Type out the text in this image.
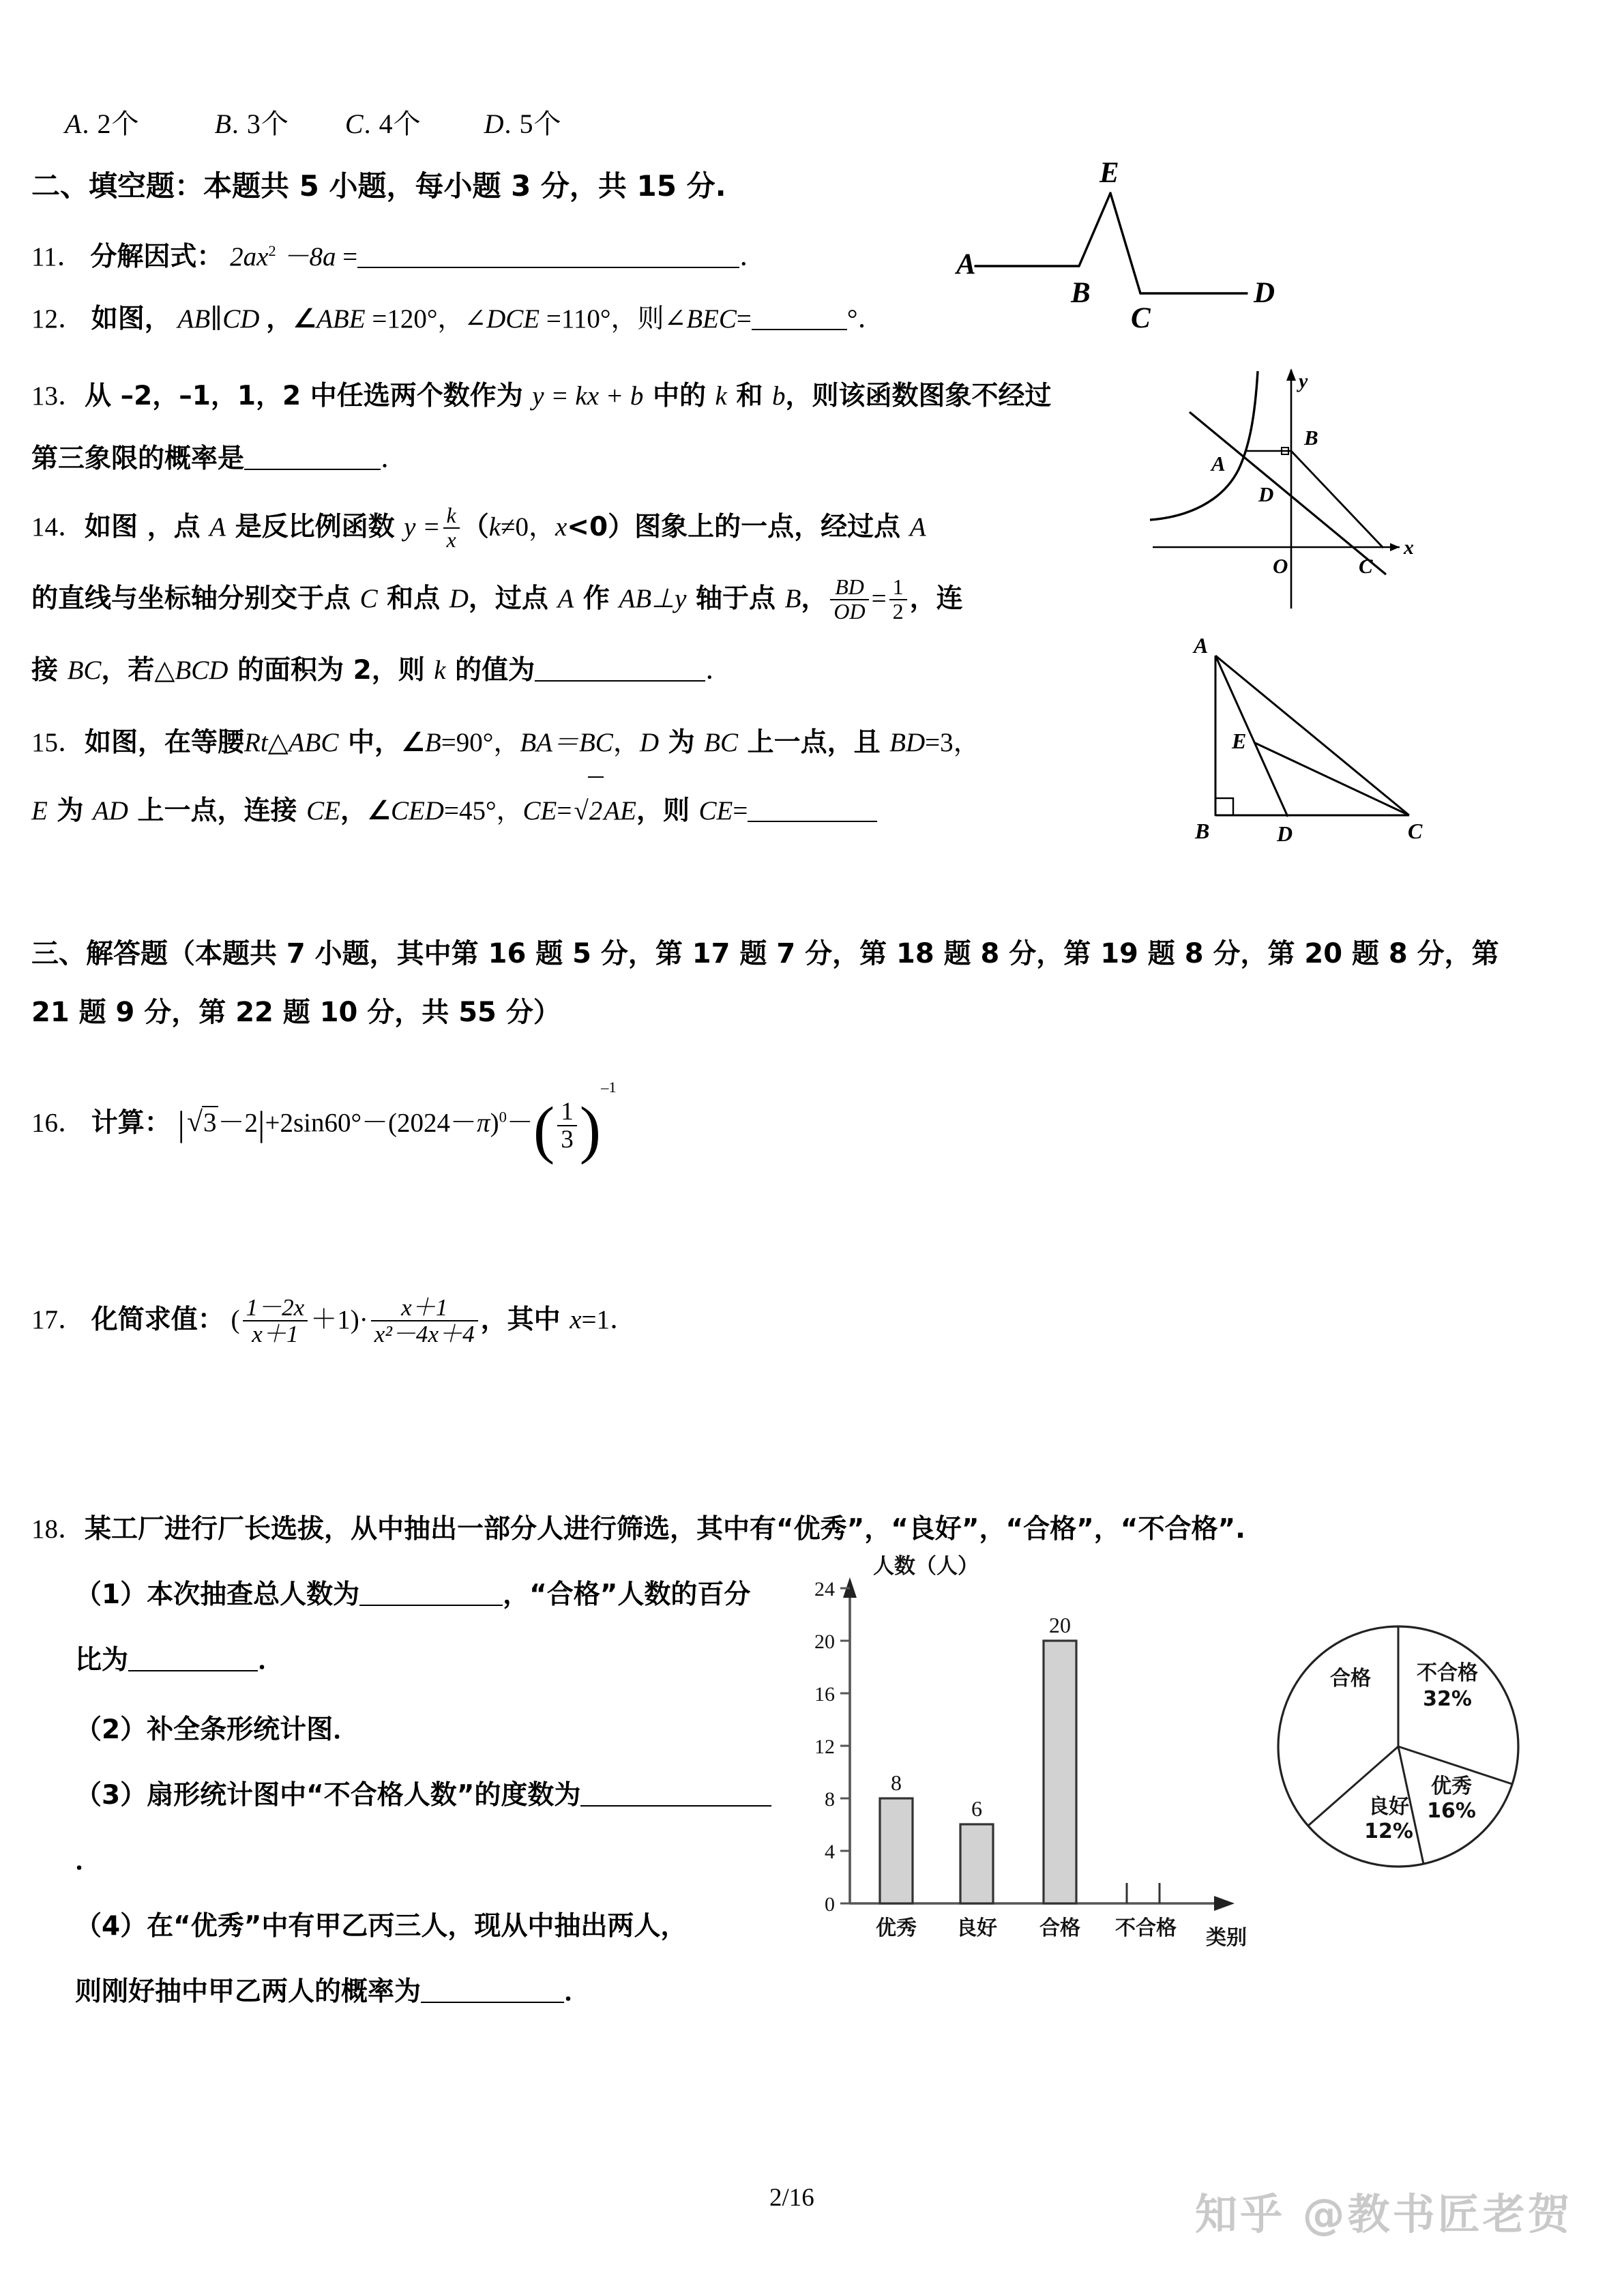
A. 2个	B. 3个 C. 4个 D. 5个
二、填空题：本题共 5 小题，每小题 3 分，共 15 分.
11． 分解因式： $2ax^2 -8a$ =	．
12． 如图， AB∥CD ，∠ABE =120°，∠DCE =110°，则∠BEC=	°．
13．从 –2，–1，1，2 中任选两个数作为 y = kx + b 中的 k 和 b，则该函数图象不经过
第三象限的概率是	．
14．如图 ，点 A 是反比例函数 $y = \frac{k}{x} (k\ne 0$，x<0）图象上的一点，经过点 A
的直线与坐标轴分别交于点 C 和点 D，过点 A 作 AB⊥y 轴于点 B， $\frac{BD}{OD} = \frac{1}{2}$ ，连
接 BC，若△BCD 的面积为 2，则 k 的值为	．
15．如图，在等腰Rt△ABC 中，∠B=90°，BA＝BC，D 为 BC 上一点，且 BD=3，
E 为 AD 上一点，连接 CE，∠CED=45°，CE=√2AE，则 CE=
三、解答题（本题共 7 小题，其中第 16 题 5 分，第 17 题 7 分，第 18 题 8 分，第 19 题 8 分，第 20 题 8 分，第 21 题 9 分，第 22 题 10 分，共 55 分）
16． 计算： $|√3-2|+2\sin 60^\circ-(2024-\pi)^0-( \frac{1}{3} )^{-1}$
17． 化简求值： ( $\frac{1-2x}{x+1} +1)\cdot \frac{x+1}{\text{x²－4x＋4}}$ ，其中 x=1．
18．某工厂进行厂长选拔，从中抽出一部分人进行筛选，其中有“优秀”，“良好”，“合格”，“不合格”.
（1）本次抽查总人数为	，“合格”人数的百分
比为	．
（2）补全条形统计图．
（3）扇形统计图中“不合格人数”的度数为．
（4）在“优秀”中有甲乙丙三人，现从中抽出两人，
则刚好抽中甲乙两人的概率为	．
A
B
C
D
E
A
B
D
O	C
x
y
A
E
B	D	C
0
4
8
12
16
20
24
8
6
20
优秀 良好 合格 不合格
人数（人）
类别
合格 不合格
32%
优秀
16%
良好
12%
2/16	知乎 @教书匠老贺
